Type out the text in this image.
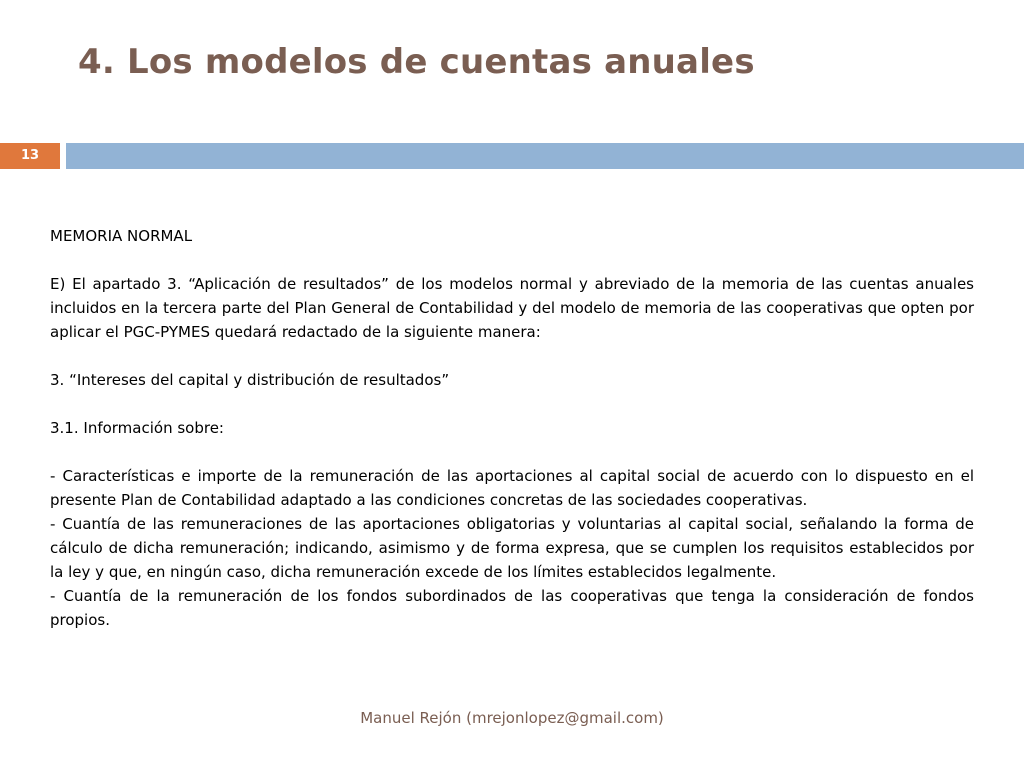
4. Los modelos de cuentas anuales
13

MEMORIA NORMAL

E) El apartado 3. “Aplicación de resultados” de los modelos normal y abreviado de la memoria de las cuentas anuales incluidos en la tercera parte del Plan General de Contabilidad y del modelo de memoria de las cooperativas que opten por aplicar el PGC-PYMES quedará redactado de la siguiente manera:

3. “Intereses del capital y distribución de resultados”

3.1. Información sobre:

- Características e importe de la remuneración de las aportaciones al capital social de acuerdo con lo dispuesto en el presente Plan de Contabilidad adaptado a las condiciones concretas de las sociedades cooperativas.

- Cuantía de las remuneraciones de las aportaciones obligatorias y voluntarias al capital social, señalando la forma de cálculo de dicha remuneración; indicando, asimismo y de forma expresa, que se cumplen los requisitos establecidos por la ley y que, en ningún caso, dicha remuneración excede de los límites establecidos legalmente.

- Cuantía de la remuneración de los fondos subordinados de las cooperativas que tenga la consideración de fondos propios.

Manuel Rejón (mrejonlopez@gmail.com)
